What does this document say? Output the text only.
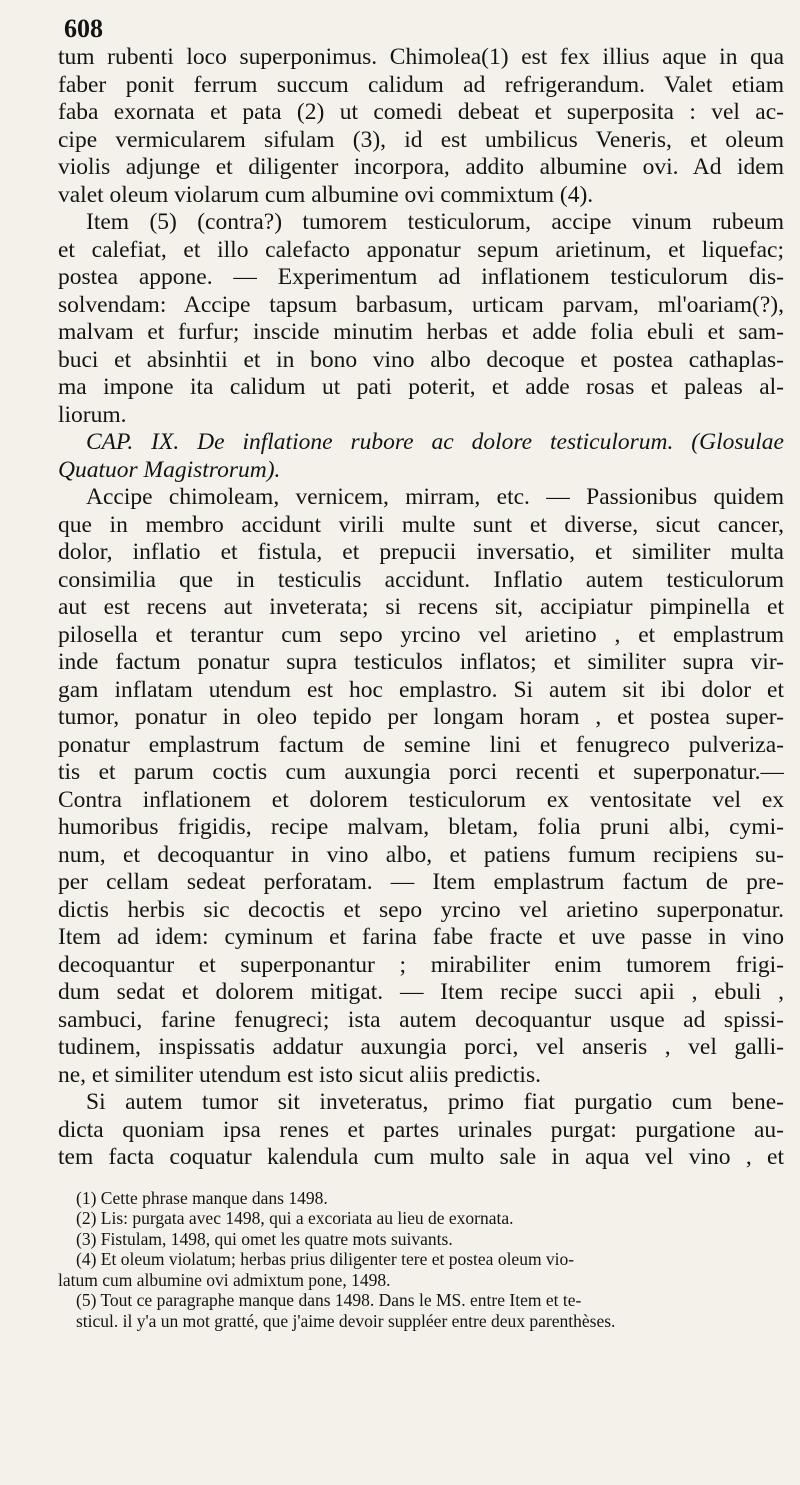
608
tum rubenti loco superponimus. Chimolea(1) est fex illius aque in qua
faber ponit ferrum succum calidum ad refrigerandum. Valet etiam
faba exornata et pata (2) ut comedi debeat et superposita : vel ac-
cipe vermicularem sifulam (3), id est umbilicus Veneris, et oleum
violis adjunge et diligenter incorpora, addito albumine ovi. Ad idem
valet oleum violarum cum albumine ovi commixtum (4).
Item (5) (contra?) tumorem testiculorum, accipe vinum rubeum
et calefiat, et illo calefacto apponatur sepum arietinum, et liquefac;
postea appone. — Experimentum ad inflationem testiculorum dis-
solvendam: Accipe tapsum barbasum, urticam parvam, ml'oariam(?),
malvam et furfur; inscide minutim herbas et adde folia ebuli et sam-
buci et absinhtii et in bono vino albo decoque et postea cathaplas-
ma impone ita calidum ut pati poterit, et adde rosas et paleas al-
liorum.
CAP. IX. De inflatione rubore ac dolore testiculorum. (Glosulae
Quatuor Magistrorum).
Accipe chimoleam, vernicem, mirram, etc. — Passionibus quidem
que in membro accidunt virili multe sunt et diverse, sicut cancer,
dolor, inflatio et fistula, et prepucii inversatio, et similiter multa
consimilia que in testiculis accidunt. Inflatio autem testiculorum
aut est recens aut inveterata; si recens sit, accipiatur pimpinella et
pilosella et terantur cum sepo yrcino vel arietino , et emplastrum
inde factum ponatur supra testiculos inflatos; et similiter supra vir-
gam inflatam utendum est hoc emplastro. Si autem sit ibi dolor et
tumor, ponatur in oleo tepido per longam horam , et postea super-
ponatur emplastrum factum de semine lini et fenugreco pulveriza-
tis et parum coctis cum auxungia porci recenti et superponatur.—
Contra inflationem et dolorem testiculorum ex ventositate vel ex
humoribus frigidis, recipe malvam, bletam, folia pruni albi, cymi-
num, et decoquantur in vino albo, et patiens fumum recipiens su-
per cellam sedeat perforatam. — Item emplastrum factum de pre-
dictis herbis sic decoctis et sepo yrcino vel arietino superponatur.
Item ad idem: cyminum et farina fabe fracte et uve passe in vino
decoquantur et superponantur ; mirabiliter enim tumorem frigi-
dum sedat et dolorem mitigat. — Item recipe succi apii , ebuli ,
sambuci, farine fenugreci; ista autem decoquantur usque ad spissi-
tudinem, inspissatis addatur auxungia porci, vel anseris , vel galli-
ne, et similiter utendum est isto sicut aliis predictis.
Si autem tumor sit inveteratus, primo fiat purgatio cum bene-
dicta quoniam ipsa renes et partes urinales purgat: purgatione au-
tem facta coquatur kalendula cum multo sale in aqua vel vino , et
(1) Cette phrase manque dans 1498.
(2) Lis: purgata avec 1498, qui a excoriata au lieu de exornata.
(3) Fistulam, 1498, qui omet les quatre mots suivants.
(4) Et oleum violatum; herbas prius diligenter tere et postea oleum vio-
latum cum albumine ovi admixtum pone, 1498.
(5) Tout ce paragraphe manque dans 1498. Dans le MS. entre Item et te-
sticul. il y'a un mot gratté, que j'aime devoir suppléer entre deux parenthèses.
